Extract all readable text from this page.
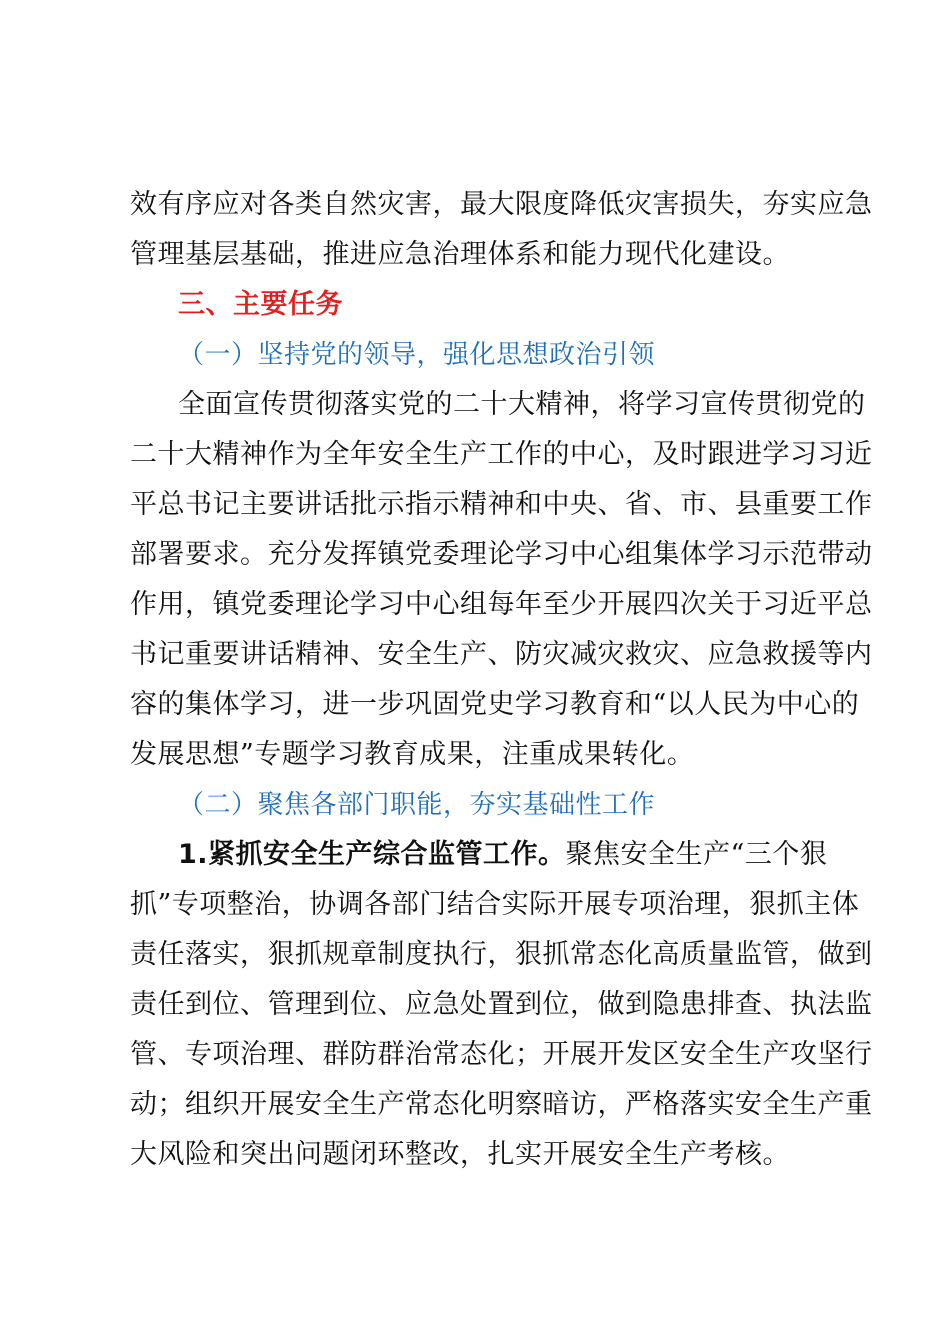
效有序应对各类自然灾害，最大限度降低灾害损失，夯实应急
管理基层基础，推进应急治理体系和能力现代化建设。
三、主要任务
（一）坚持党的领导，强化思想政治引领
全面宣传贯彻落实党的二十大精神，将学习宣传贯彻党的
二十大精神作为全年安全生产工作的中心，及时跟进学习习近
平总书记主要讲话批示指示精神和中央、省、市、县重要工作
部署要求。充分发挥镇党委理论学习中心组集体学习示范带动
作用，镇党委理论学习中心组每年至少开展四次关于习近平总
书记重要讲话精神、安全生产、防灾减灾救灾、应急救援等内
容的集体学习，进一步巩固党史学习教育和“以人民为中心的
发展思想”专题学习教育成果，注重成果转化。
（二）聚焦各部门职能，夯实基础性工作
1.紧抓安全生产综合监管工作。聚焦安全生产“三个狠
抓”专项整治，协调各部门结合实际开展专项治理，狠抓主体
责任落实，狠抓规章制度执行，狠抓常态化高质量监管，做到
责任到位、管理到位、应急处置到位，做到隐患排查、执法监
管、专项治理、群防群治常态化；开展开发区安全生产攻坚行
动；组织开展安全生产常态化明察暗访，严格落实安全生产重
大风险和突出问题闭环整改，扎实开展安全生产考核。
